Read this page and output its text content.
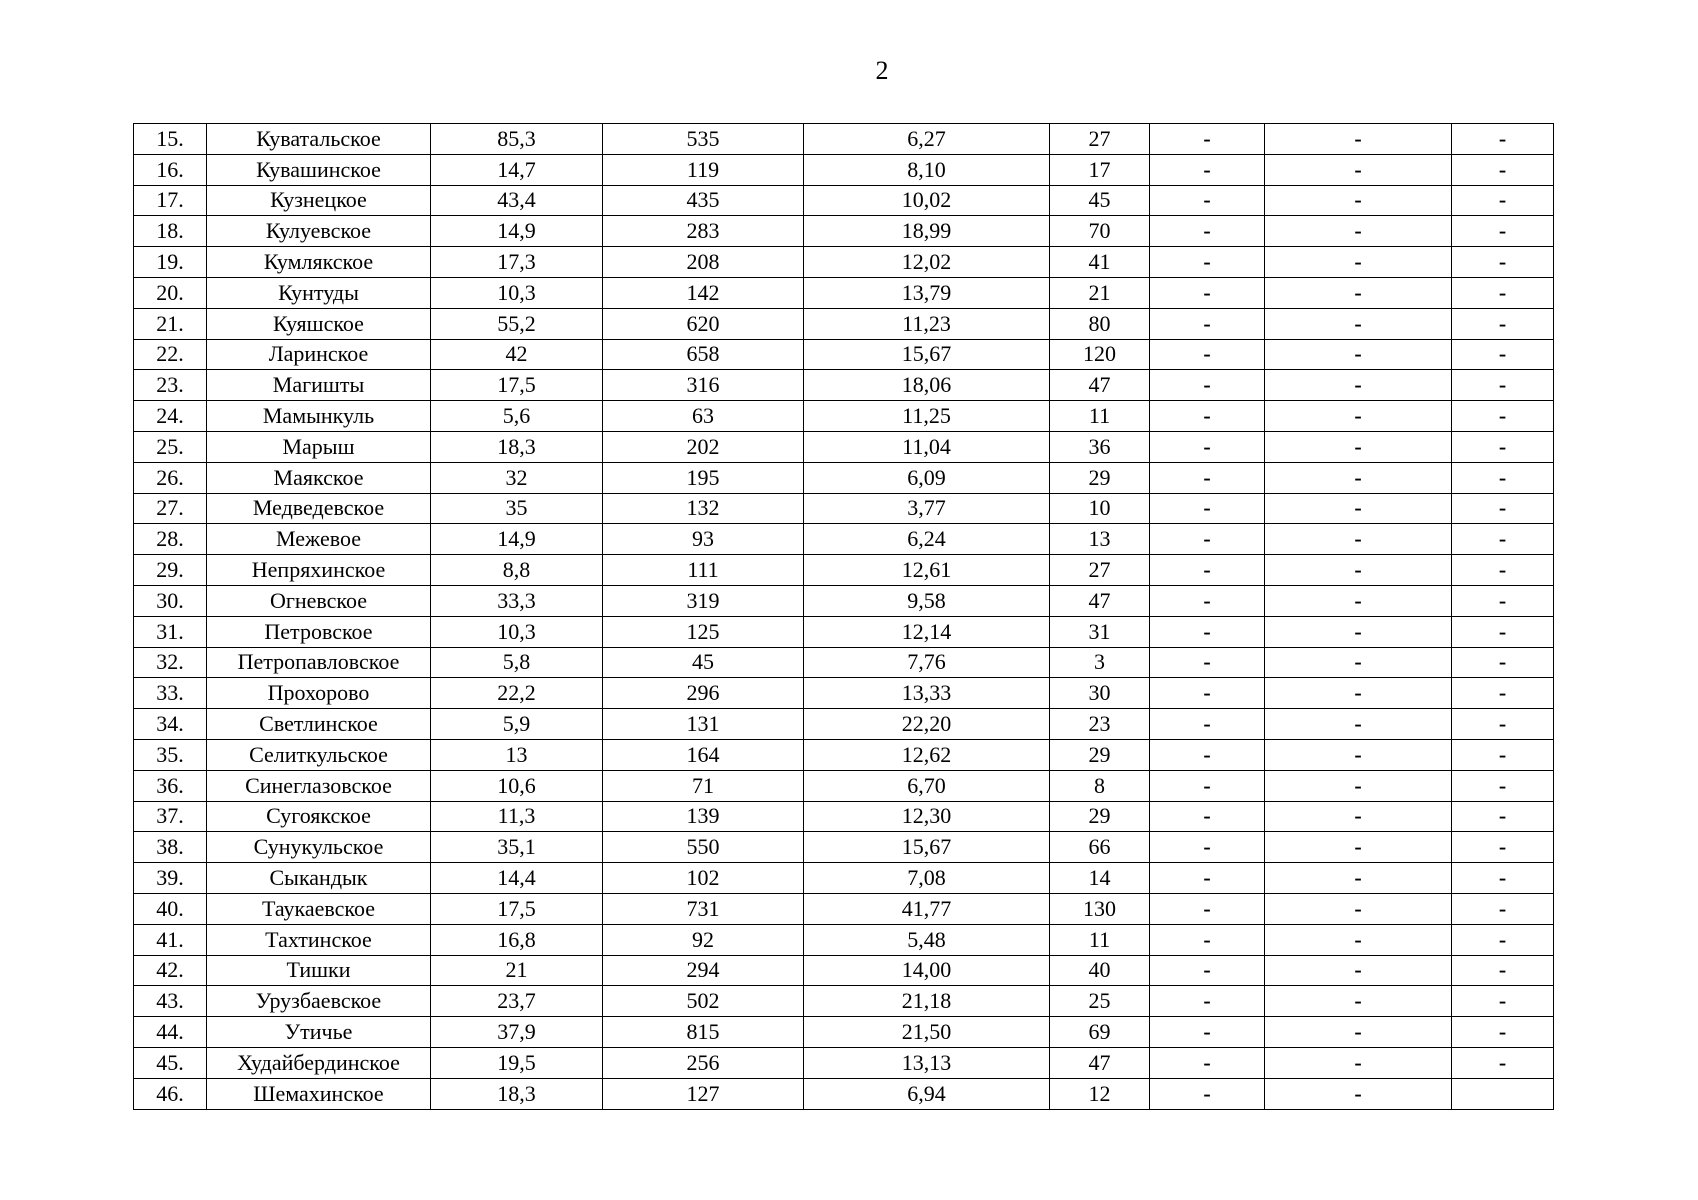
2
15.	Куватальское	85,3	535	6,27	27	-	-	-
16.	Кувашинское	14,7	119	8,10	17	-	-	-
17.	Кузнецкое	43,4	435	10,02	45	-	-	-
18.	Кулуевское	14,9	283	18,99	70	-	-	-
19.	Кумлякское	17,3	208	12,02	41	-	-	-
20.	Кунтуды	10,3	142	13,79	21	-	-	-
21.	Куяшское	55,2	620	11,23	80	-	-	-
22.	Ларинское	42	658	15,67	120	-	-	-
23.	Магишты	17,5	316	18,06	47	-	-	-
24.	Мамынкуль	5,6	63	11,25	11	-	-	-
25.	Марыш	18,3	202	11,04	36	-	-	-
26.	Маякское	32	195	6,09	29	-	-	-
27.	Медведевское	35	132	3,77	10	-	-	-
28.	Межевое	14,9	93	6,24	13	-	-	-
29.	Непряхинское	8,8	111	12,61	27	-	-	-
30.	Огневское	33,3	319	9,58	47	-	-	-
31.	Петровское	10,3	125	12,14	31	-	-	-
32.	Петропавловское	5,8	45	7,76	3	-	-	-
33.	Прохорово	22,2	296	13,33	30	-	-	-
34.	Светлинское	5,9	131	22,20	23	-	-	-
35.	Селиткульское	13	164	12,62	29	-	-	-
36.	Синеглазовское	10,6	71	6,70	8	-	-	-
37.	Сугоякское	11,3	139	12,30	29	-	-	-
38.	Сунукульское	35,1	550	15,67	66	-	-	-
39.	Сыкандык	14,4	102	7,08	14	-	-	-
40.	Таукаевское	17,5	731	41,77	130	-	-	-
41.	Тахтинское	16,8	92	5,48	11	-	-	-
42.	Тишки	21	294	14,00	40	-	-	-
43.	Урузбаевское	23,7	502	21,18	25	-	-	-
44.	Утичье	37,9	815	21,50	69	-	-	-
45.	Худайбердинское	19,5	256	13,13	47	-	-	-
46.	Шемахинское	18,3	127	6,94	12	-	-	
